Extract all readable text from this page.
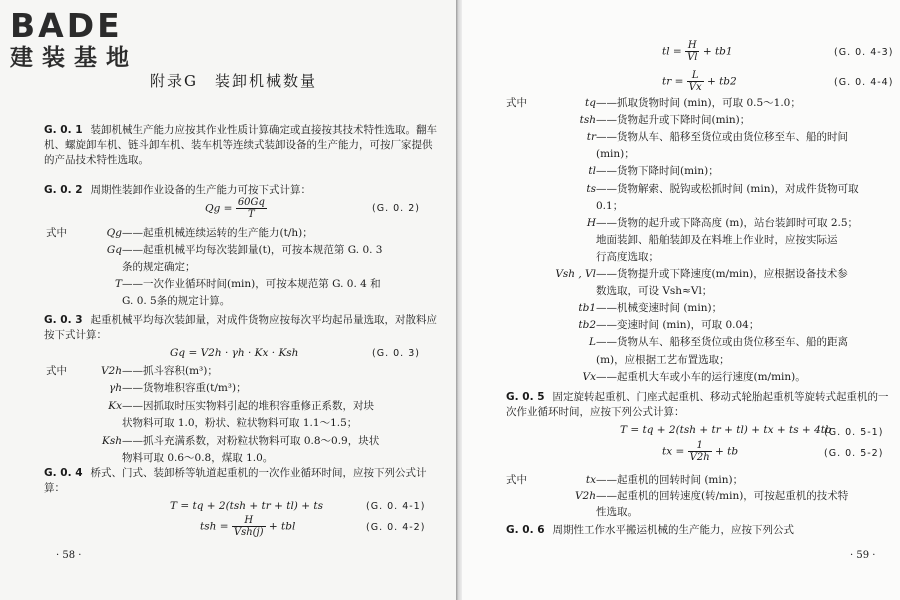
BADE
建装基地
附录G　装卸机械数量

G. 0. 1 装卸机械生产能力应按其作业性质计算确定或直接按其技术特性选取。翻车机、螺旋卸车机、链斗卸车机、装车机等连续式装卸设备的生产能力，可按厂家提供的产品技术特性选取。

G. 0. 2 周期性装卸作业设备的生产能力可按下式计算：

$Qg = \frac{60Gq}{T}$	(G. 0. 2)

G. 0. 3 起重机械平均每次装卸量，对成件货物应按每次平均起吊量选取，对散料应按下式计算：

Gq = V2h · γh · Kx · Ksh	(G. 0. 3)

G. 0. 4 桥式、门式、装卸桥等轨道起重机的一次作业循环时间，应按下列公式计算：

T = tq + 2(tsh + tr + tl) + ts	(G. 0. 4-1)
tsh = $\frac{H}{\text{Vsh(j)}}$ + tbl	(G. 0. 4-2)
· 58 ·
式中	Qg——起重机械连续运转的生产能力(t/h)；
Gq——起重机械平均每次装卸量(t)，可按本规范第 G. 0. 3
条的规定确定；
T——一次作业循环时间(min)，可按本规范第 G. 0. 4 和
G. 0. 5条的规定计算。
式中	V2h——抓斗容积(m³)；
γh——货物堆积容重(t/m³)；
Kx——因抓取时压实物料引起的堆积容重修正系数，对块
状物料可取 1.0，粉状、粒状物料可取 1.1～1.5；
Ksh——抓斗充满系数，对粉粒状物料可取 0.8～0.9，块状
物料可取 0.6～0.8，煤取 1.0。
tl = $\frac{H}{Vl} + tb1$	(G. 0. 4-3)
tr = $\frac{L}{Vx} + tb2$	(G. 0. 4-4)

G. 0. 5 固定旋转起重机、门座式起重机、移动式轮胎起重机等旋转式起重机的一次作业循环时间，应按下列公式计算：

T = tq + 2(tsh + tr + tl) + tx + ts + 4tb
(G. 0. 5-1)
tx = $\frac{1}{V2h}$ + tb	(G. 0. 5-2)

G. 0. 6 周期性工作水平搬运机械的生产能力，应按下列公式

· 59 ·
式中	tq——抓取货物时间 (min)，可取 0.5～1.0；
tsh——货物起升或下降时间(min)；
tr——货物从车、船移至货位或由货位移至车、船的时间
(min)；
tl——货物下降时间(min)；
ts——货物解索、脱钩或松抓时间 (min)，对成件货物可取
0.1；
H——货物的起升或下降高度 (m)，站台装卸时可取 2.5；
地面装卸、船舶装卸及在料堆上作业时，应按实际运
行高度选取；
Vsh , Vl——货物提升或下降速度(m/min)，应根据设备技术参
数选取，可设 Vsh≈Vl；
tb1——机械变速时间 (min)；
tb2——变速时间 (min)，可取 0.04；
L——货物从车、船移至货位或由货位移至车、船的距离
(m)，应根据工艺布置选取；
Vx——起重机大车或小车的运行速度(m/min)。
式中	tx——起重机的回转时间 (min)；
V2h——起重机的回转速度(转/min)，可按起重机的技术特
性选取。
